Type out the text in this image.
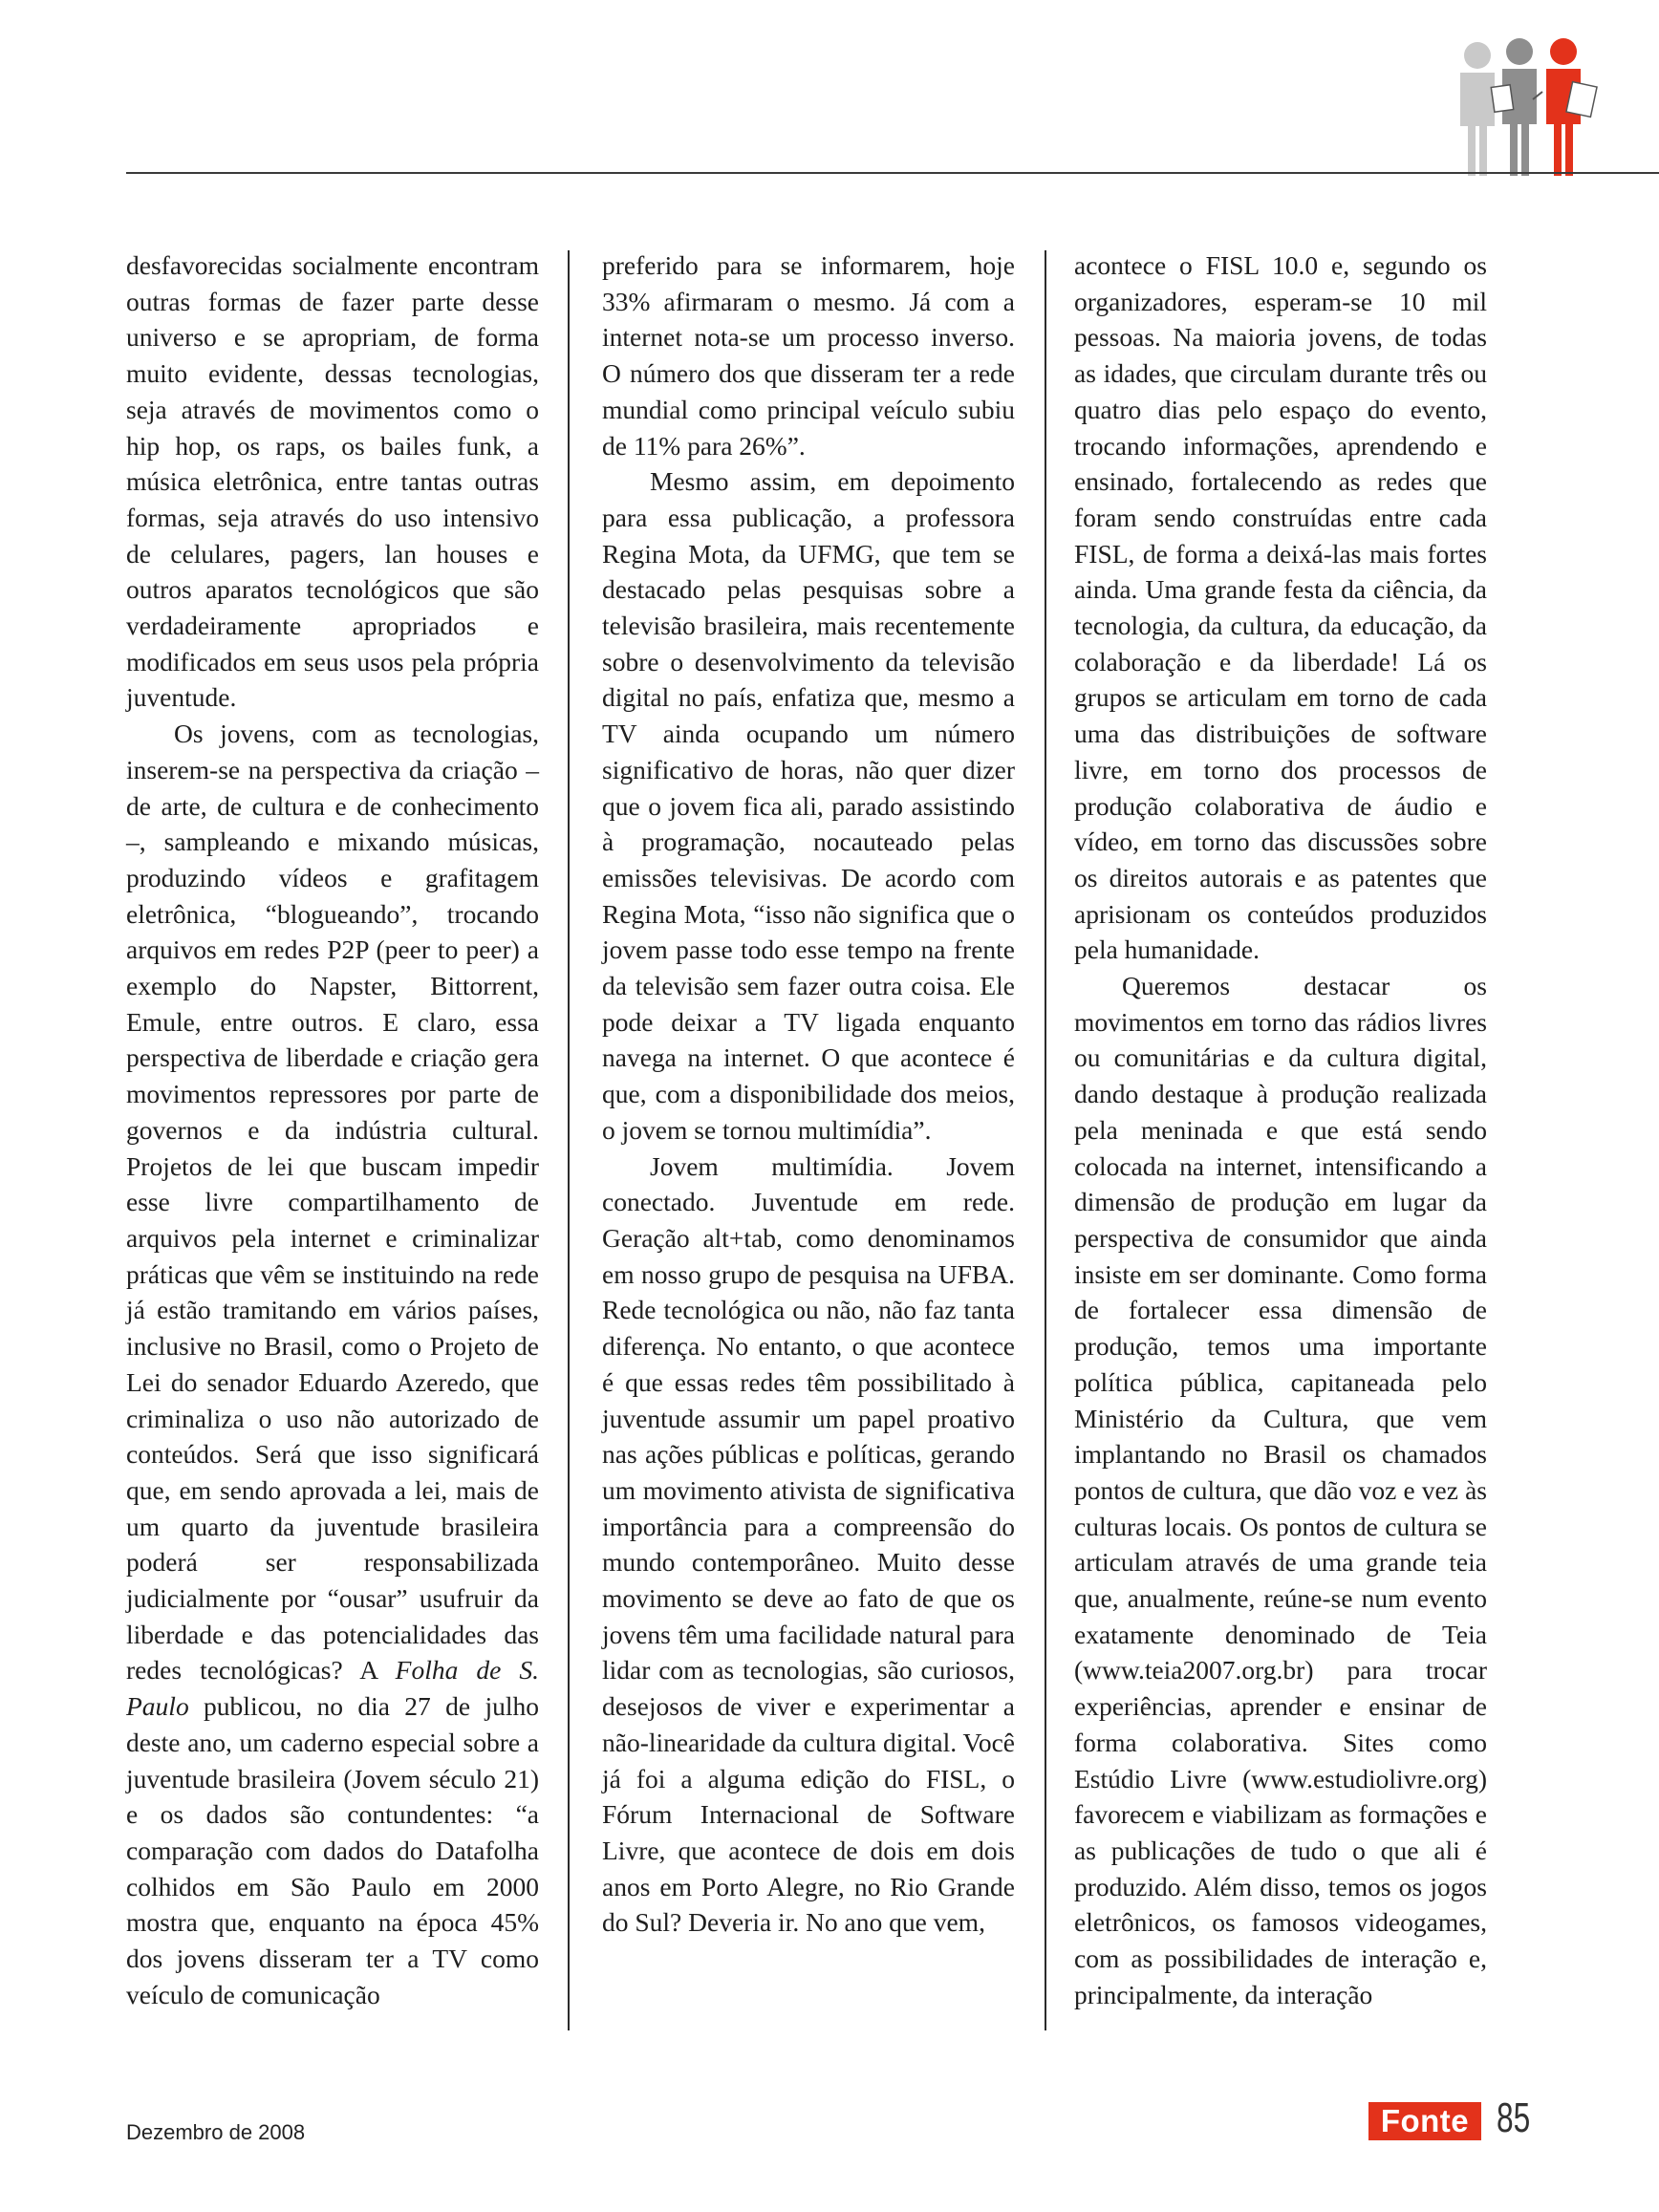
desfavorecidas socialmente encontram outras formas de fazer parte desse universo e se apropriam, de forma muito evidente, dessas tecnologias, seja através de movimentos como o hip hop, os raps, os bailes funk, a música eletrônica, entre tantas outras formas, seja através do uso intensivo de celulares, pagers, lan houses e outros aparatos tecnológicos que são verdadeiramente apropriados e modificados em seus usos pela própria juventude.

Os jovens, com as tecnologias, inserem-se na perspectiva da criação – de arte, de cultura e de conhecimento –, sampleando e mixando músicas, produzindo vídeos e grafitagem eletrônica, “blogueando”, trocando arquivos em redes P2P (peer to peer) a exemplo do Napster, Bittorrent, Emule, entre outros. E claro, essa perspectiva de liberdade e criação gera movimentos repressores por parte de governos e da indústria cultural. Projetos de lei que buscam impedir esse livre compartilhamento de arquivos pela internet e criminalizar práticas que vêm se instituindo na rede já estão tramitando em vários países, inclusive no Brasil, como o Projeto de Lei do senador Eduardo Azeredo, que criminaliza o uso não autorizado de conteúdos. Será que isso significará que, em sendo aprovada a lei, mais de um quarto da juventude brasileira poderá ser responsabilizada judicialmente por “ousar” usufruir da liberdade e das potencialidades das redes tecnológicas? A Folha de S. Paulo publicou, no dia 27 de julho deste ano, um caderno especial sobre a juventude brasileira (Jovem século 21) e os dados são contundentes: “a comparação com dados do Datafolha colhidos em São Paulo em 2000 mostra que, enquanto na época 45% dos jovens disseram ter a TV como veículo de comunicação

preferido para se informarem, hoje 33% afirmaram o mesmo. Já com a internet nota-se um processo inverso. O número dos que disseram ter a rede mundial como principal veículo subiu de 11% para 26%”.

Mesmo assim, em depoimento para essa publicação, a professora Regina Mota, da UFMG, que tem se destacado pelas pesquisas sobre a televisão brasileira, mais recentemente sobre o desenvolvimento da televisão digital no país, enfatiza que, mesmo a TV ainda ocupando um número significativo de horas, não quer dizer que o jovem fica ali, parado assistindo à programação, nocauteado pelas emissões televisivas. De acordo com Regina Mota, “isso não significa que o jovem passe todo esse tempo na frente da televisão sem fazer outra coisa. Ele pode deixar a TV ligada enquanto navega na internet. O que acontece é que, com a disponibilidade dos meios, o jovem se tornou multimídia”.

Jovem multimídia. Jovem conectado. Juventude em rede. Geração alt+tab, como denominamos em nosso grupo de pesquisa na UFBA. Rede tecnológica ou não, não faz tanta diferença. No entanto, o que acontece é que essas redes têm possibilitado à juventude assumir um papel proativo nas ações públicas e políticas, gerando um movimento ativista de significativa importância para a compreensão do mundo contemporâneo. Muito desse movimento se deve ao fato de que os jovens têm uma facilidade natural para lidar com as tecnologias, são curiosos, desejosos de viver e experimentar a não-linearidade da cultura digital. Você já foi a alguma edição do FISL, o Fórum Internacional de Software Livre, que acontece de dois em dois anos em Porto Alegre, no Rio Grande do Sul? Deveria ir. No ano que vem,

acontece o FISL 10.0 e, segundo os organizadores, esperam-se 10 mil pessoas. Na maioria jovens, de todas as idades, que circulam durante três ou quatro dias pelo espaço do evento, trocando informações, aprendendo e ensinado, fortalecendo as redes que foram sendo construídas entre cada FISL, de forma a deixá-las mais fortes ainda. Uma grande festa da ciência, da tecnologia, da cultura, da educação, da colaboração e da liberdade! Lá os grupos se articulam em torno de cada uma das distribuições de software livre, em torno dos processos de produção colaborativa de áudio e vídeo, em torno das discussões sobre os direitos autorais e as patentes que aprisionam os conteúdos produzidos pela humanidade.

Queremos destacar os movimentos em torno das rádios livres ou comunitárias e da cultura digital, dando destaque à produção realizada pela meninada e que está sendo colocada na internet, intensificando a dimensão de produção em lugar da perspectiva de consumidor que ainda insiste em ser dominante. Como forma de fortalecer essa dimensão de produção, temos uma importante política pública, capitaneada pelo Ministério da Cultura, que vem implantando no Brasil os chamados pontos de cultura, que dão voz e vez às culturas locais. Os pontos de cultura se articulam através de uma grande teia que, anualmente, reúne-se num evento exatamente denominado de Teia (www.teia2007.org.br) para trocar experiências, aprender e ensinar de forma colaborativa. Sites como Estúdio Livre (www.estudiolivre.org) favorecem e viabilizam as formações e as publicações de tudo o que ali é produzido. Além disso, temos os jogos eletrônicos, os famosos videogames, com as possibilidades de interação e, principalmente, da interação

Dezembro de 2008	Fonte 85
